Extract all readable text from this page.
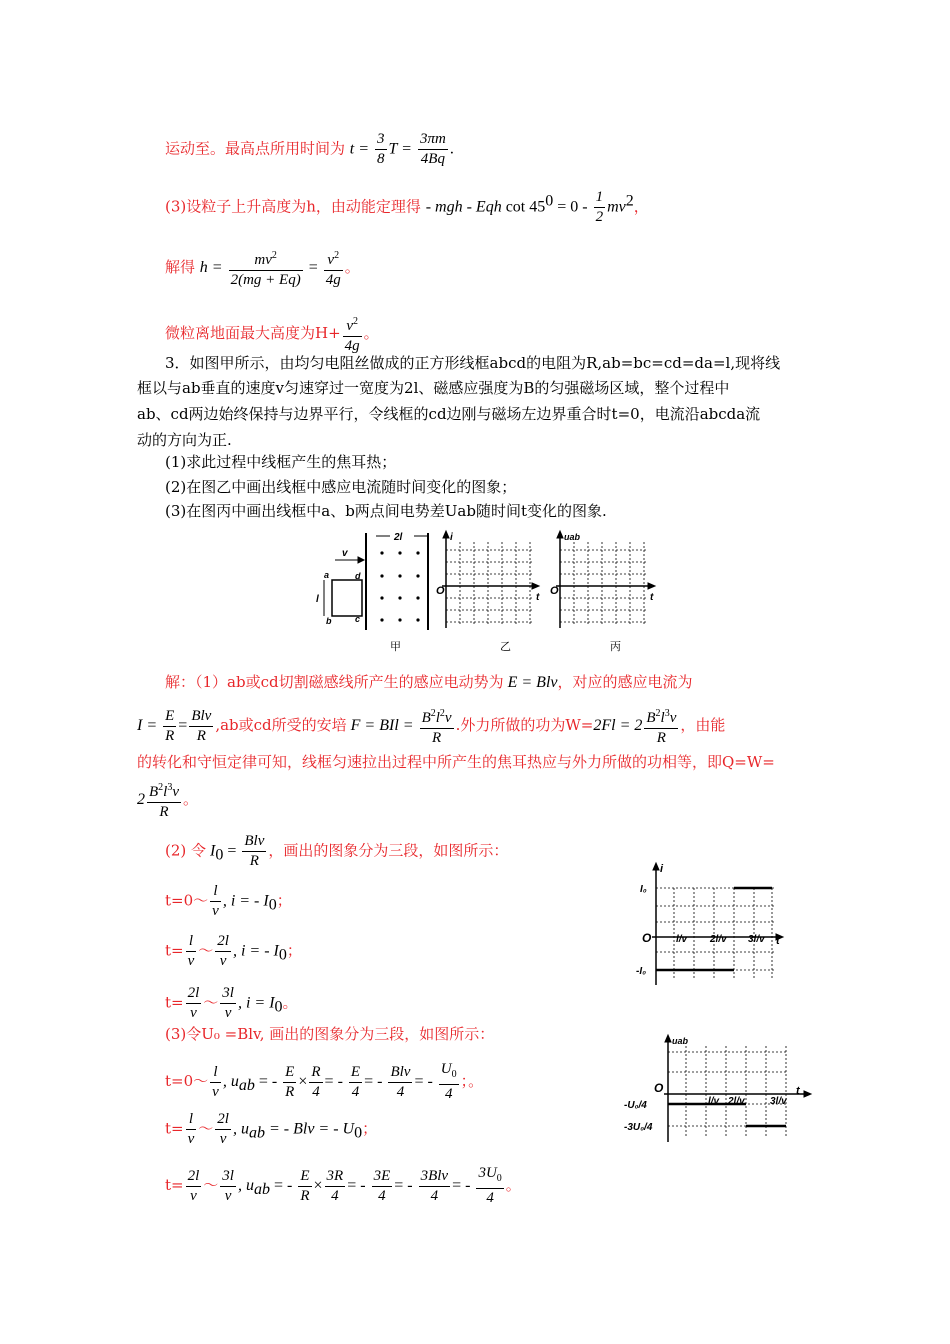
运动至。最高点所用时间为 $t = \frac{3}{8}$ $T = \frac{3\pi m}{4Bq}$ .
(3)设粒子上升高度为h，由动能定理得 - mgh - Eqh $\cot 45^0 = 0 - \frac{1}{2} mv^2$，
解得 $h = \frac{mv^2}{2(mg + Eq)} = \frac{v^2}{4g}$ 。
微粒离地面最大高度为$H+ \frac{v^2}{4g}$ 。
3．如图甲所示，由均匀电阻丝做成的正方形线框abcd的电阻为R,ab=bc=cd=da=l,现将线
框以与ab垂直的速度v匀速穿过一宽度为2l、磁感应强度为B的匀强磁场区域，整个过程中
ab、cd两边始终保持与边界平行，令线框的cd边刚与磁场左边界重合时t=0，电流沿abcda流
动的方向为正.
(1)求此过程中线框产生的焦耳热；
(2)在图乙中画出线框中感应电流随时间变化的图象；
(3)在图丙中画出线框中a、b两点间电势差Uab随时间t变化的图象.
2l
v
l
a
b	c
d
甲
i
t
O
乙
uab
t
O
丙
解：（1）ab或cd切割磁感线所产生的感应电动势为 E = Blv，对应的感应电流为
$I = \frac{E}{R}$ =
Blv
R
,ab或cd所受的安培 F = BIl = $\frac{B^2l^2v}{R}$ .外力所做的功为$W=2Fl = 2 \frac{B^2l^3v}{R}$ ，由能
的转化和守恒定律可知，线框匀速拉出过程中所产生的焦耳热应与外力所做的功相等，即Q=W=
$2 \frac{B^2l^3v}{R}$ 。
(2) 令 $I_0$ =
Blv
R
，画出的图象分为三段，如图所示：
t=0～ $\frac{l}{v}$ , i = - $I_0$；
$t= \frac{l}{v}$ ～ $\frac{2l}{v}$ , i = - $I_0$；
$t= \frac{2l}{v}$ ～ $\frac{3l}{v}$ , $i = I_0$。
(3)令U₀ =Blv, 画出的图象分为三段，如图所示：
t=0～ $\frac{l}{v}$ , $u_{ab}$ = - $\frac{E}{R} \times \frac{R}{4}$ = - $\frac{E}{4}$ = -
Blv
4
= - $\frac{U_0}{4}$ ；。
$t= \frac{l}{v}$ ～ $\frac{2l}{v}$ , $u_{ab}$ = - Blv = - $U_0$；
$t= \frac{2l}{v}$ ～ $\frac{3l}{v}$ , $u_{ab}$ = - $\frac{E}{R} \times \frac{3R}{4}$ = - $\frac{3E}{4}$ = -
3Blv
4
= - $\frac{3U_0}{4}$ 。
i
t
O
I₀
-I₀
l/v 2l/v 3l/v
uab
t
O
-U₀/4
-3U₀/4
l/v 2l/v	3l/v
